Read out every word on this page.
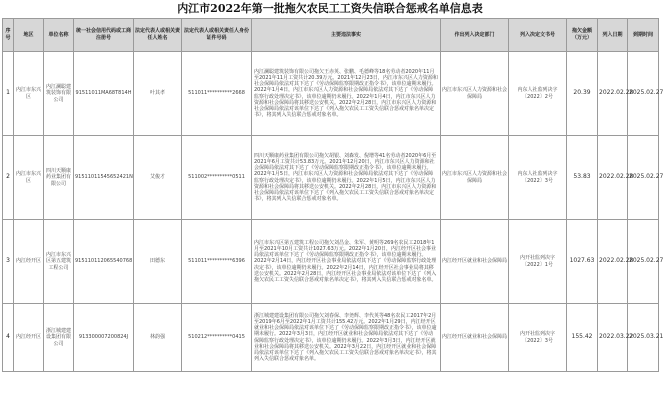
内江市2022年第一批拖欠农民工工资失信联合惩戒名单信息表
序号	地区	单位名称	统一社会信用代码或工商注册号	法定代表人或相关责任人姓名	法定代表人或相关责任人身份证件号码	主要违法事实	作出列入决定部门	列入决定文书号	拖欠金额（万元）	列入日期	到期时间
1	内江市东兴区	内江澜聪建筑装饰有限公司	91511011MA68T814H	叶其孝	511011**********2668	内江澜聪建筑装饰有限公司拖欠王赤英、张鹏、毛德峰等18名劳动者2020年11月至2021年11月工资共计20.39万元。2021年12月23日，内江市东兴区人力资源和社会保障局依法对其下达了《劳动保障监察限期改正指令书》，该单位逾期未履行。2022年1月4日，内江市东兴区人力资源和社会保障局依法对其下达了《劳动保障监察行政处理决定书》，该单位逾期仍未履行。2022年1月4日，内江市东兴区人力资源和社会保障局将其移送公安机关。2022年2月28日，内江市东兴区人力资源和社会保障局依法对该单位下达了《列入拖欠农民工工资失信联合惩戒对象名单决定书》，将其列入失信联合惩戒对象名单。	内江市东兴区人力资源和社会保障局	内东人社监列决字〔2022〕2号	20.39	2022.02.28	2025.02.27
2	内江市东兴区	四川天顺康药业集团有限公司	91511011545652421N	艾俊才	511002**********0511	四川天顺康药业集团有限公司拖欠胡银、刘森发、倪增等41名劳动者2020年6月至2021年6月工资共计53.83万元。2021年12月20日，内江市东兴区人力资源和社会保障局依法对其下达了《劳动保障监察限期改正指令书》，该单位逾期未履行。2022年1月5日，内江市东兴区人力资源和社会保障局依法对其下达了《劳动保障监察行政处理决定书》，该单位逾期仍未履行。2022年1月5日，内江市东兴区人力资源和社会保障局将其移送公安机关。2022年2月28日，内江市东兴区人力资源和社会保障局依法对该单位下达了《列入拖欠农民工工资失信联合惩戒对象名单决定书》，将其列入失信联合惩戒对象名单。	内江市东兴区人力资源和社会保障局	内东人社监列决字〔2022〕3号	53.83	2022.02.28	2025.02.27
3	内江经开区	内江市东兴区第五建筑工程公司	915110112065540768	田德东	511011**********6396	内江市东兴区第五建筑工程公司拖欠刘昌金、朱军、黄明等269名农民工2018年1月至2021年10月工资共计1027.63万元。2022年1月20日，内江经开区社会事业局依法对该单位下达了《劳动保障监察限期改正指令书》，该单位逾期未履行。2022年2月14日，内江经开区社会事业局依法对其下达了《劳动保障监察行政处理决定书》，该单位逾期仍未履行。2022年2月14日，内江经开区社会事业局将其移送公安机关。2022年2月28日，内江经开区社会事业局依法对该单位下达了《列入拖欠农民工工资失信联合惩戒对象名单决定书》，将其列入失信联合惩戒对象名单。	内江经开区就业和社会保障局	内开社监列决字〔2022〕1号	1027.63	2022.02.28	2025.02.27
4	内江经开区	浙江城建建设集团有限公司	913300007200824J	林韵强	510212**********0415	浙江城建建设集团有限公司拖欠刘春保、李尧辉、李代英等48名农民工2017年2月至2019年6月至2022年1月工资共计155.42万元。2022年1月29日，内江经开区就业和社会保障局依法对该单位下达了《劳动保障监察限期改正指令书》，该单位逾期未履行。2022年3月3日，内江经开区就业和社会保障局依法对其下达了《劳动保障监察行政处理决定书》，该单位逾期仍未履行。2022年3月3日，内江经开区就业和社会保障局将其移送公安机关。2022年3月22日，内江经开区就业和社会保障局依法对该单位下达了《列入拖欠农民工工资失信联合惩戒对象名单决定书》，将其列入失信联合惩戒对象名单。	内江经开区就业和社会保障局	内开社监列决字〔2022〕3号	155.42	2022.03.22	2025.03.21
